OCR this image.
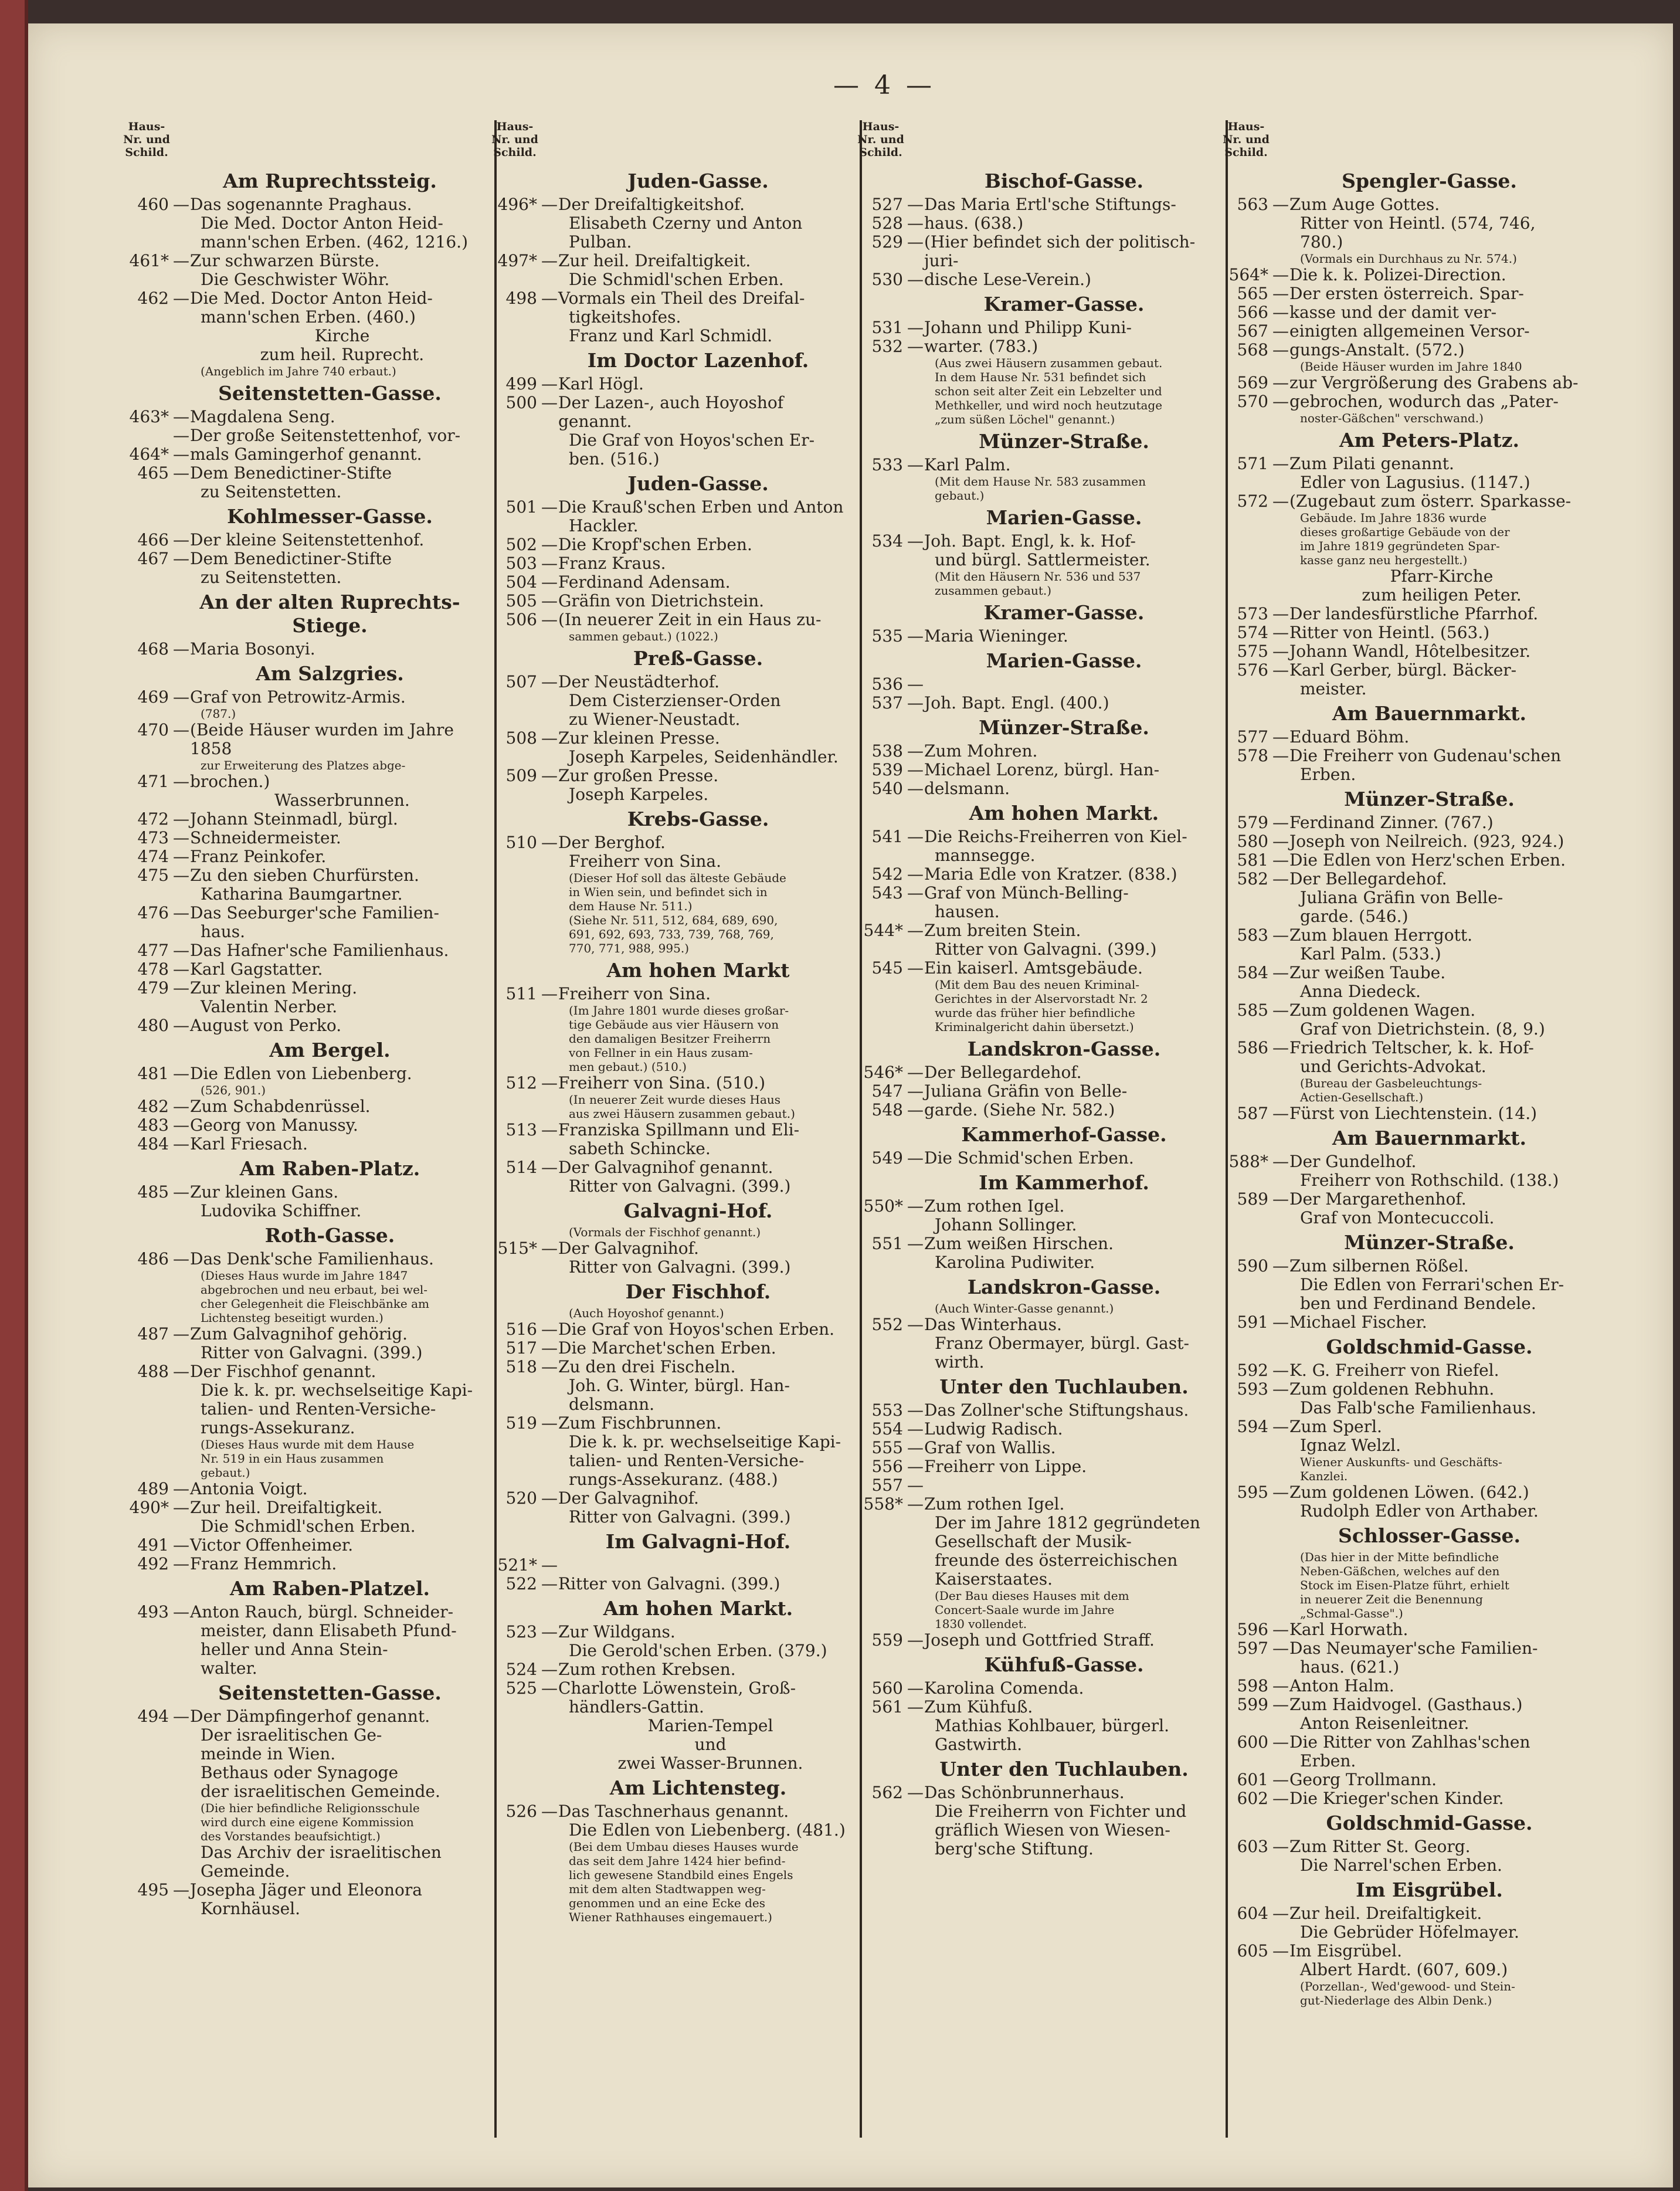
— 4 —
Haus-Nr. und Schild.
Am Ruprechtssteig.
460 — Das sogenannte Praghaus.
Die Med. Doctor Anton Heid-
mann'schen Erben. (462, 1216.)
461* — Zur schwarzen Bürste.
Die Geschwister Wöhr.
462 — Die Med. Doctor Anton Heid-
mann'schen Erben. (460.)
Kirche
zum heil. Ruprecht.
(Angeblich im Jahre 740 erbaut.)
Seitenstetten-Gasse.
463* — Magdalena Seng.
— Der große Seitenstettenhof, vor-
464* — mals Gamingerhof genannt.
465 — Dem Benedictiner-Stifte
zu Seitenstetten.
Kohlmesser-Gasse.
466 — Der kleine Seitenstettenhof.
467 — Dem Benedictiner-Stifte
zu Seitenstetten.
An der alten Ruprechts-Stiege.
468 — Maria Bosonyi.
Am Salzgries.
469 — Graf von Petrowitz-Armis.
(787.)
470 — (Beide Häuser wurden im Jahre 1858
zur Erweiterung des Platzes abge-
471 — brochen.)
Wasserbrunnen.
472 — Johann Steinmadl, bürgl.
473 — Schneidermeister.
474 — Franz Peinkofer.
475 — Zu den sieben Churfürsten.
Katharina Baumgartner.
476 — Das Seeburger'sche Familien-
haus.
477 — Das Hafner'sche Familienhaus.
478 — Karl Gagstatter.
479 — Zur kleinen Mering.
Valentin Nerber.
480 — August von Perko.
Am Bergel.
481 — Die Edlen von Liebenberg.
(526, 901.)
482 — Zum Schabdenrüssel.
483 — Georg von Manussy.
484 — Karl Friesach.
Am Raben-Platz.
485 — Zur kleinen Gans.
Ludovika Schiffner.
Roth-Gasse.
486 — Das Denk'sche Familienhaus.
(Dieses Haus wurde im Jahre 1847
abgebrochen und neu erbaut, bei wel-
cher Gelegenheit die Fleischbänke am
Lichtensteg beseitigt wurden.)
487 — Zum Galvagnihof gehörig.
Ritter von Galvagni. (399.)
488 — Der Fischhof genannt.
Die k. k. pr. wechselseitige Kapi-
talien- und Renten-Versiche-
rungs-Assekuranz.
(Dieses Haus wurde mit dem Hause
Nr. 519 in ein Haus zusammen
gebaut.)
489 — Antonia Voigt.
490* — Zur heil. Dreifaltigkeit.
Die Schmidl'schen Erben.
491 — Victor Offenheimer.
492 — Franz Hemmrich.
Am Raben-Platzel.
493 — Anton Rauch, bürgl. Schneider-
meister, dann Elisabeth Pfund-
heller und Anna Stein-
walter.
Seitenstetten-Gasse.
494 — Der Dämpfingerhof genannt.
Der israelitischen Ge-
meinde in Wien.
Bethaus oder Synagoge
der israelitischen Gemeinde.
(Die hier befindliche Religionsschule
wird durch eine eigene Kommission
des Vorstandes beaufsichtigt.)
Das Archiv der israelitischen
Gemeinde.
495 — Josepha Jäger und Eleonora
Kornhäusel.
Haus-Nr. und Schild.
Juden-Gasse.
496* — Der Dreifaltigkeitshof.
Elisabeth Czerny und Anton
Pulban.
497* — Zur heil. Dreifaltigkeit.
Die Schmidl'schen Erben.
498 — Vormals ein Theil des Dreifal-
tigkeitshofes.
Franz und Karl Schmidl.
Im Doctor Lazenhof.
499 — Karl Högl.
500 — Der Lazen-, auch Hoyoshof genannt.
Die Graf von Hoyos'schen Er-
ben. (516.)
Juden-Gasse.
501 — Die Krauß'schen Erben und Anton
Hackler.
502 — Die Kropf'schen Erben.
503 — Franz Kraus.
504 — Ferdinand Adensam.
505 — Gräfin von Dietrichstein.
506 — (In neuerer Zeit in ein Haus zu-
sammen gebaut.) (1022.)
Preß-Gasse.
507 — Der Neustädterhof.
Dem Cisterzienser-Orden
zu Wiener-Neustadt.
508 — Zur kleinen Presse.
Joseph Karpeles, Seidenhändler.
509 — Zur großen Presse.
Joseph Karpeles.
Krebs-Gasse.
510 — Der Berghof.
Freiherr von Sina.
(Dieser Hof soll das älteste Gebäude
in Wien sein, und befindet sich in
dem Hause Nr. 511.)
(Siehe Nr. 511, 512, 684, 689, 690,
691, 692, 693, 733, 739, 768, 769,
770, 771, 988, 995.)
Am hohen Markt
511 — Freiherr von Sina.
(Im Jahre 1801 wurde dieses großar-
tige Gebäude aus vier Häusern von
den damaligen Besitzer Freiherrn
von Fellner in ein Haus zusam-
men gebaut.) (510.)
512 — Freiherr von Sina. (510.)
(In neuerer Zeit wurde dieses Haus
aus zwei Häusern zusammen gebaut.)
513 — Franziska Spillmann und Eli-
sabeth Schincke.
514 — Der Galvagnihof genannt.
Ritter von Galvagni. (399.)
Galvagni-Hof.
(Vormals der Fischhof genannt.)
515* — Der Galvagnihof.
Ritter von Galvagni. (399.)
Der Fischhof.
(Auch Hoyoshof genannt.)
516 — Die Graf von Hoyos'schen Erben.
517 — Die Marchet'schen Erben.
518 — Zu den drei Fischeln.
Joh. G. Winter, bürgl. Han-
delsmann.
519 — Zum Fischbrunnen.
Die k. k. pr. wechselseitige Kapi-
talien- und Renten-Versiche-
rungs-Assekuranz. (488.)
520 — Der Galvagnihof.
Ritter von Galvagni. (399.)
Im Galvagni-Hof.
521* —
522 — Ritter von Galvagni. (399.)
Am hohen Markt.
523 — Zur Wildgans.
Die Gerold'schen Erben. (379.)
524 — Zum rothen Krebsen.
525 — Charlotte Löwenstein, Groß-
händlers-Gattin.
Marien-Tempel
und
zwei Wasser-Brunnen.
Am Lichtensteg.
526 — Das Taschnerhaus genannt.
Die Edlen von Liebenberg. (481.)
(Bei dem Umbau dieses Hauses wurde
das seit dem Jahre 1424 hier befind-
lich gewesene Standbild eines Engels
mit dem alten Stadtwappen weg-
genommen und an eine Ecke des
Wiener Rathhauses eingemauert.)
Haus-Nr. und Schild.
Bischof-Gasse.
527 — Das Maria Ertl'sche Stiftungs-
528 — haus. (638.)
529 — (Hier befindet sich der politisch-juri-
530 — dische Lese-Verein.)
Kramer-Gasse.
531 — Johann und Philipp Kuni-
532 — warter. (783.)
(Aus zwei Häusern zusammen gebaut.
In dem Hause Nr. 531 befindet sich
schon seit alter Zeit ein Lebzelter und
Methkeller, und wird noch heutzutage
„zum süßen Löchel" genannt.)
Münzer-Straße.
533 — Karl Palm.
(Mit dem Hause Nr. 583 zusammen
gebaut.)
Marien-Gasse.
534 — Joh. Bapt. Engl, k. k. Hof-
und bürgl. Sattlermeister.
(Mit den Häusern Nr. 536 und 537
zusammen gebaut.)
Kramer-Gasse.
535 — Maria Wieninger.
Marien-Gasse.
536 —
537 — Joh. Bapt. Engl. (400.)
Münzer-Straße.
538 — Zum Mohren.
539 — Michael Lorenz, bürgl. Han-
540 — delsmann.
Am hohen Markt.
541 — Die Reichs-Freiherren von Kiel-
mannsegge.
542 — Maria Edle von Kratzer. (838.)
543 — Graf von Münch-Belling-
hausen.
544* — Zum breiten Stein.
Ritter von Galvagni. (399.)
545 — Ein kaiserl. Amtsgebäude.
(Mit dem Bau des neuen Kriminal-
Gerichtes in der Alservorstadt Nr. 2
wurde das früher hier befindliche
Kriminalgericht dahin übersetzt.)
Landskron-Gasse.
546* — Der Bellegardehof.
547 — Juliana Gräfin von Belle-
548 — garde. (Siehe Nr. 582.)
Kammerhof-Gasse.
549 — Die Schmid'schen Erben.
Im Kammerhof.
550* — Zum rothen Igel.
Johann Sollinger.
551 — Zum weißen Hirschen.
Karolina Pudiwiter.
Landskron-Gasse.
(Auch Winter-Gasse genannt.)
552 — Das Winterhaus.
Franz Obermayer, bürgl. Gast-
wirth.
Unter den Tuchlauben.
553 — Das Zollner'sche Stiftungshaus.
554 — Ludwig Radisch.
555 — Graf von Wallis.
556 — Freiherr von Lippe.
557 —
558* — Zum rothen Igel.
Der im Jahre 1812 gegründeten
Gesellschaft der Musik-
freunde des österreichischen
Kaiserstaates.
(Der Bau dieses Hauses mit dem
Concert-Saale wurde im Jahre
1830 vollendet.
559 — Joseph und Gottfried Straff.
Kühfuß-Gasse.
560 — Karolina Comenda.
561 — Zum Kühfuß.
Mathias Kohlbauer, bürgerl.
Gastwirth.
Unter den Tuchlauben.
562 — Das Schönbrunnerhaus.
Die Freiherrn von Fichter und
gräflich Wiesen von Wiesen-
berg'sche Stiftung.
Haus-Nr. und Schild.
Spengler-Gasse.
563 — Zum Auge Gottes.
Ritter von Heintl. (574, 746, 780.)
(Vormals ein Durchhaus zu Nr. 574.)
564* — Die k. k. Polizei-Direction.
565 — Der ersten österreich. Spar-
566 — kasse und der damit ver-
567 — einigten allgemeinen Versor-
568 — gungs-Anstalt. (572.)
(Beide Häuser wurden im Jahre 1840
569 — zur Vergrößerung des Grabens ab-
570 — gebrochen, wodurch das „Pater-
noster-Gäßchen" verschwand.)
Am Peters-Platz.
571 — Zum Pilati genannt.
Edler von Lagusius. (1147.)
572 — (Zugebaut zum österr. Sparkasse-
Gebäude. Im Jahre 1836 wurde
dieses großartige Gebäude von der
im Jahre 1819 gegründeten Spar-
kasse ganz neu hergestellt.)
Pfarr-Kirche
zum heiligen Peter.
573 — Der landesfürstliche Pfarrhof.
574 — Ritter von Heintl. (563.)
575 — Johann Wandl, Hôtelbesitzer.
576 — Karl Gerber, bürgl. Bäcker-
meister.
Am Bauernmarkt.
577 — Eduard Böhm.
578 — Die Freiherr von Gudenau'schen
Erben.
Münzer-Straße.
579 — Ferdinand Zinner. (767.)
580 — Joseph von Neilreich. (923, 924.)
581 — Die Edlen von Herz'schen Erben.
582 — Der Bellegardehof.
Juliana Gräfin von Belle-
garde. (546.)
583 — Zum blauen Herrgott.
Karl Palm. (533.)
584 — Zur weißen Taube.
Anna Diedeck.
585 — Zum goldenen Wagen.
Graf von Dietrichstein. (8, 9.)
586 — Friedrich Teltscher, k. k. Hof-
und Gerichts-Advokat.
(Bureau der Gasbeleuchtungs-
Actien-Gesellschaft.)
587 — Fürst von Liechtenstein. (14.)
Am Bauernmarkt.
588* — Der Gundelhof.
Freiherr von Rothschild. (138.)
589 — Der Margarethenhof.
Graf von Montecuccoli.
Münzer-Straße.
590 — Zum silbernen Rößel.
Die Edlen von Ferrari'schen Er-
ben und Ferdinand Bendele.
591 — Michael Fischer.
Goldschmid-Gasse.
592 — K. G. Freiherr von Riefel.
593 — Zum goldenen Rebhuhn.
Das Falb'sche Familienhaus.
594 — Zum Sperl.
Ignaz Welzl.
Wiener Auskunfts- und Geschäfts-
Kanzlei.
595 — Zum goldenen Löwen. (642.)
Rudolph Edler von Arthaber.
Schlosser-Gasse.
(Das hier in der Mitte befindliche
Neben-Gäßchen, welches auf den
Stock im Eisen-Platze führt, erhielt
in neuerer Zeit die Benennung
„Schmal-Gasse".)
596 — Karl Horwath.
597 — Das Neumayer'sche Familien-
haus. (621.)
598 — Anton Halm.
599 — Zum Haidvogel. (Gasthaus.)
Anton Reisenleitner.
600 — Die Ritter von Zahlhas'schen
Erben.
601 — Georg Trollmann.
602 — Die Krieger'schen Kinder.
Goldschmid-Gasse.
603 — Zum Ritter St. Georg.
Die Narrel'schen Erben.
Im Eisgrübel.
604 — Zur heil. Dreifaltigkeit.
Die Gebrüder Höfelmayer.
605 — Im Eisgrübel.
Albert Hardt. (607, 609.)
(Porzellan-, Wed'gewood- und Stein-
gut-Niederlage des Albin Denk.)
